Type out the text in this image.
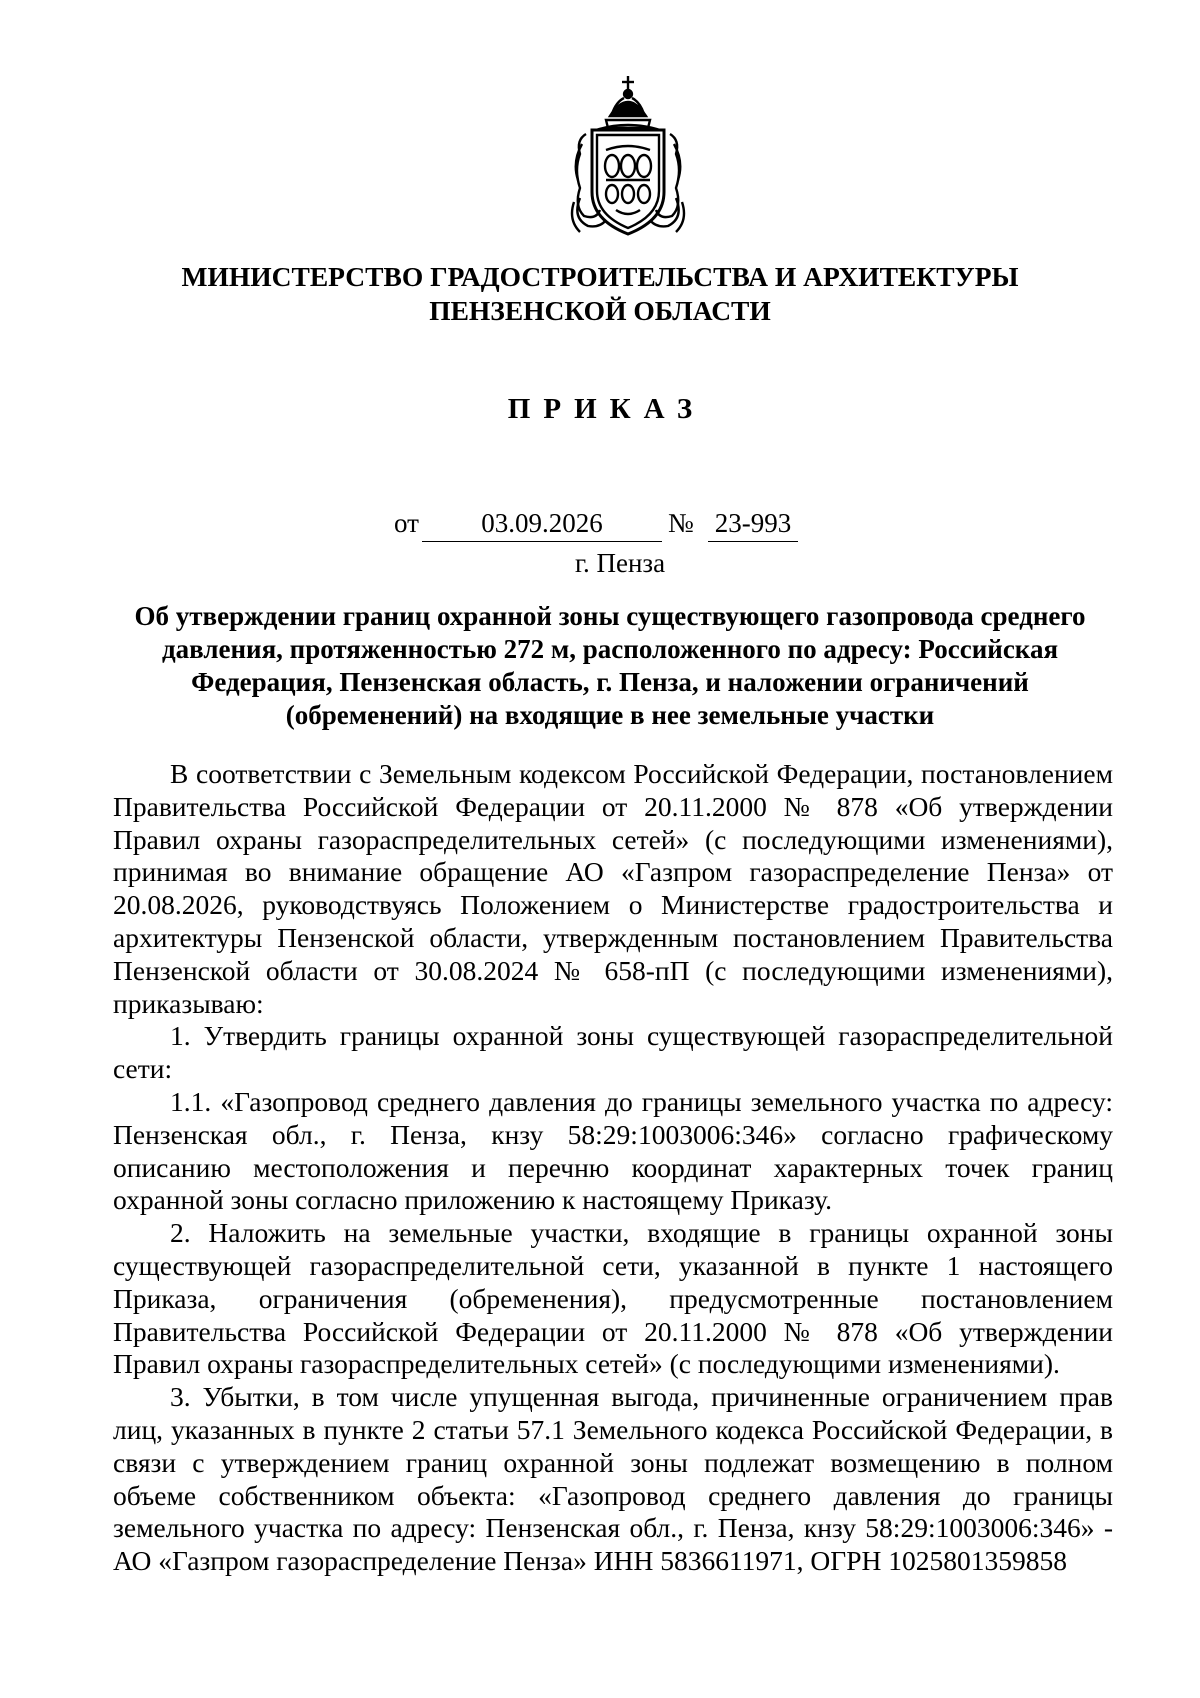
МИНИСТЕРСТВО ГРАДОСТРОИТЕЛЬСТВА И АРХИТЕКТУРЫ
ПЕНЗЕНСКОЙ ОБЛАСТИ
ПРИКАЗ
от	03.09.2026	№ 23-993
г. Пенза
Об утверждении границ охранной зоны существующего газопровода среднего
давления, протяженностью 272 м, расположенного по адресу: Российская
Федерация, Пензенская область, г. Пенза, и наложении ограничений
(обременений) на входящие в нее земельные участки

В соответствии с Земельным кодексом Российской Федерации, постановлением Правительства Российской Федерации от 20.11.2000 № 878 «Об утверждении Правил охраны газораспределительных сетей» (с последующими изменениями), принимая во внимание обращение АО «Газпром газораспределение Пенза» от 20.08.2026, руководствуясь Положением о Министерстве градостроительства и архитектуры Пензенской области, утвержденным постановлением Правительства Пензенской области от 30.08.2024 № 658-пП (с последующими изменениями), приказываю:

1. Утвердить границы охранной зоны существующей газораспределительной сети:

1.1. «Газопровод среднего давления до границы земельного участка по адресу: Пензенская обл., г. Пенза, кнзу 58:29:1003006:346» согласно графическому описанию местоположения и перечню координат характерных точек границ охранной зоны согласно приложению к настоящему Приказу.

2. Наложить на земельные участки, входящие в границы охранной зоны существующей газораспределительной сети, указанной в пункте 1 настоящего Приказа, ограничения (обременения), предусмотренные постановлением Правительства Российской Федерации от 20.11.2000 № 878 «Об утверждении Правил охраны газораспределительных сетей» (с последующими изменениями).

3. Убытки, в том числе упущенная выгода, причиненные ограничением прав лиц, указанных в пункте 2 статьи 57.1 Земельного кодекса Российской Федерации, в связи с утверждением границ охранной зоны подлежат возмещению в полном объеме собственником объекта: «Газопровод среднего давления до границы земельного участка по адресу: Пензенская обл., г. Пенза, кнзу 58:29:1003006:346» - АО «Газпром газораспределение Пенза» ИНН 5836611971, ОГРН 1025801359858
